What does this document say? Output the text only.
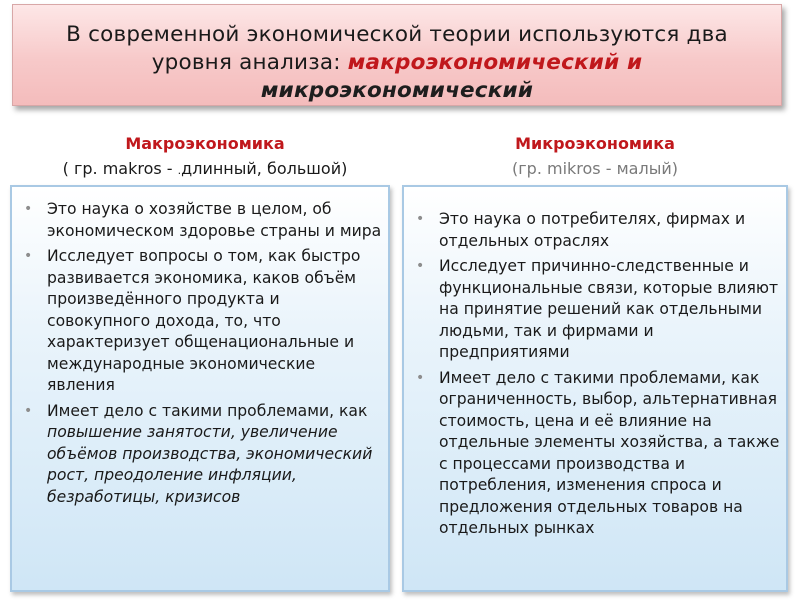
В современной экономической теории используются два
уровня анализа: макроэкономический и
микроэкономический
Макроэкономика
( гр. makros - .длинный, большой)
Микроэкономика
(гр. mikros - малый)
• Это наука о хозяйстве в целом, об экономическом здоровье страны и мира
• Исследует вопросы о том, как быстро развивается экономика, каков объём произведённого продукта и совокупного дохода, то, что характеризует общенациональные и международные экономические явления
• Имеет дело с такими проблемами, как повышение занятости, увеличение объёмов производства, экономический рост, преодоление инфляции, безработицы, кризисов
• Это наука о потребителях, фирмах и отдельных отраслях
• Исследует причинно-следственные и функциональные связи, которые влияют на принятие решений как отдельными людьми, так и фирмами и предприятиями
• Имеет дело с такими проблемами, как ограниченность, выбор, альтернативная стоимость, цена и её влияние на отдельные элементы хозяйства, а также с процессами производства и потребления, изменения спроса и предложения отдельных товаров на отдельных рынках
